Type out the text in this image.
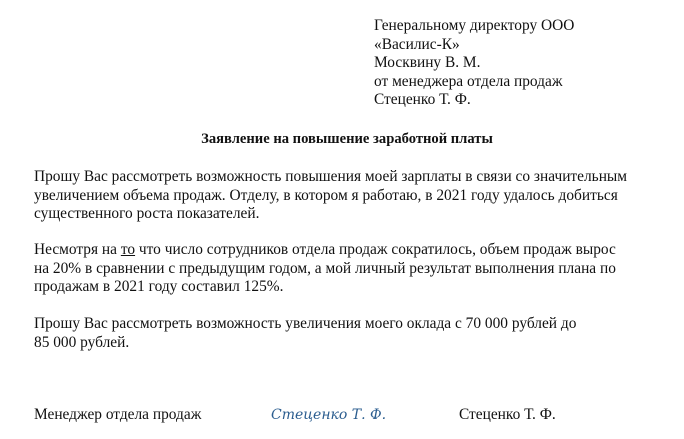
Генеральному директору ООО
«Василис-К»
Москвину В. М.
от менеджера отдела продаж
Стеценко Т. Ф.
Заявление на повышение заработной платы
Прошу Вас рассмотреть возможность повышения моей зарплаты в связи со значительным
увеличением объема продаж. Отделу, в котором я работаю, в 2021 году удалось добиться
существенного роста показателей.
Несмотря на то что число сотрудников отдела продаж сократилось, объем продаж вырос
на 20% в сравнении с предыдущим годом, а мой личный результат выполнения плана по
продажам в 2021 году составил 125%.
Прошу Вас рассмотреть возможность увеличения моего оклада с 70 000 рублей до
85 000 рублей.
Менеджер отдела продаж	Стеценко Т. Ф.	Стеценко Т. Ф.
